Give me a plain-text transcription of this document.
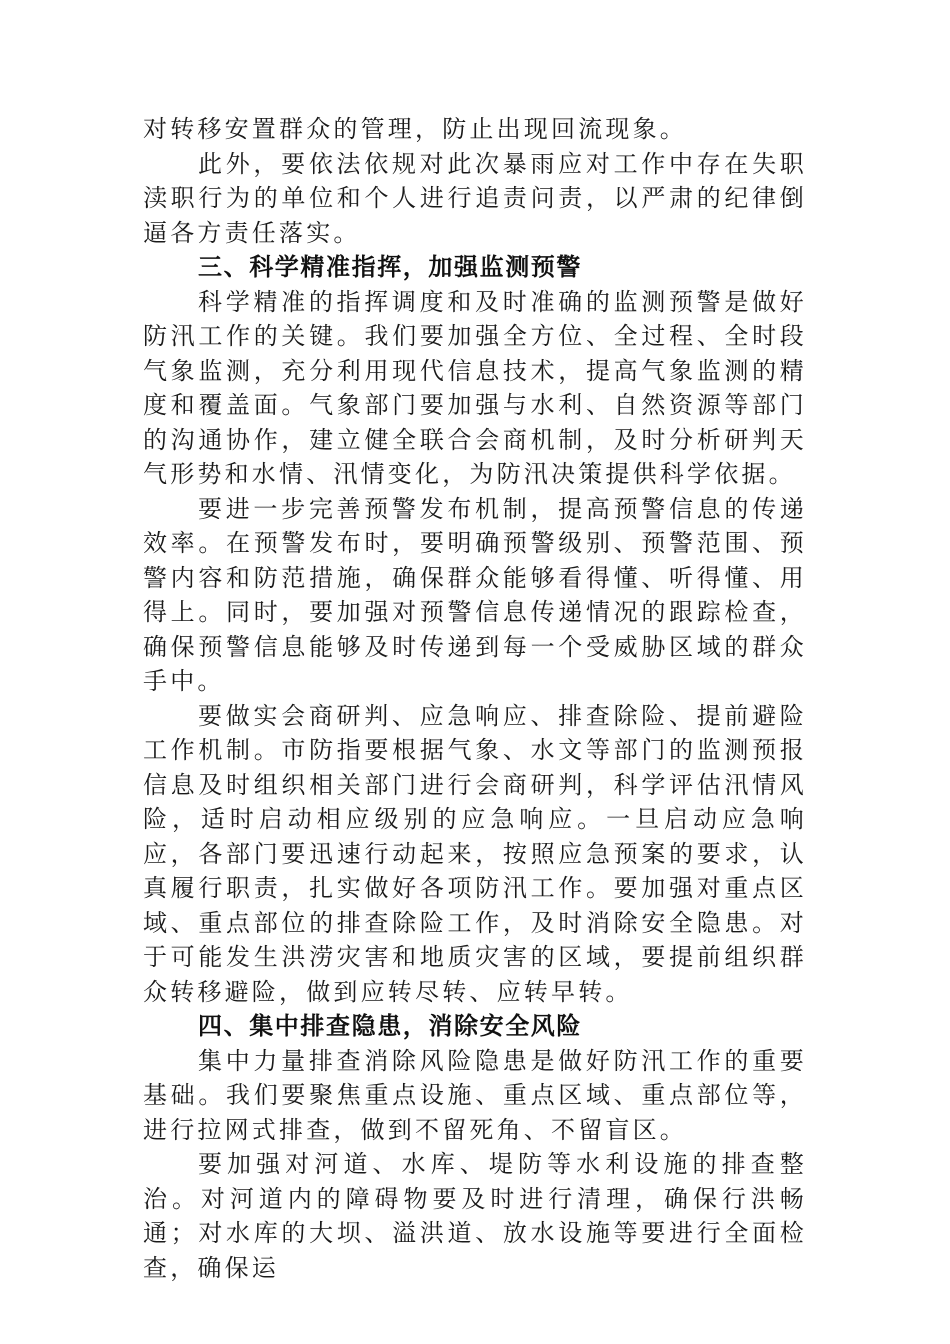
对转移安置群众的管理，防止出现回流现象。

此外，要依法依规对此次暴雨应对工作中存在失职渎职行为的单位和个人进行追责问责，以严肃的纪律倒逼各方责任落实。

三、科学精准指挥，加强监测预警

科学精准的指挥调度和及时准确的监测预警是做好防汛工作的关键。我们要加强全方位、全过程、全时段气象监测，充分利用现代信息技术，提高气象监测的精度和覆盖面。气象部门要加强与水利、自然资源等部门的沟通协作，建立健全联合会商机制，及时分析研判天气形势和水情、汛情变化，为防汛决策提供科学依据。

要进一步完善预警发布机制，提高预警信息的传递效率。在预警发布时，要明确预警级别、预警范围、预警内容和防范措施，确保群众能够看得懂、听得懂、用得上。同时，要加强对预警信息传递情况的跟踪检查，确保预警信息能够及时传递到每一个受威胁区域的群众手中。

要做实会商研判、应急响应、排查除险、提前避险工作机制。市防指要根据气象、水文等部门的监测预报信息及时组织相关部门进行会商研判，科学评估汛情风险，适时启动相应级别的应急响应。一旦启动应急响应，各部门要迅速行动起来，按照应急预案的要求，认真履行职责，扎实做好各项防汛工作。要加强对重点区域、重点部位的排查除险工作，及时消除安全隐患。对于可能发生洪涝灾害和地质灾害的区域，要提前组织群众转移避险，做到应转尽转、应转早转。

四、集中排查隐患，消除安全风险

集中力量排查消除风险隐患是做好防汛工作的重要基础。我们要聚焦重点设施、重点区域、重点部位等，进行拉网式排查，做到不留死角、不留盲区。

要加强对河道、水库、堤防等水利设施的排查整治。对河道内的障碍物要及时进行清理，确保行洪畅通；对水库的大坝、溢洪道、放水设施等要进行全面检查，确保运
